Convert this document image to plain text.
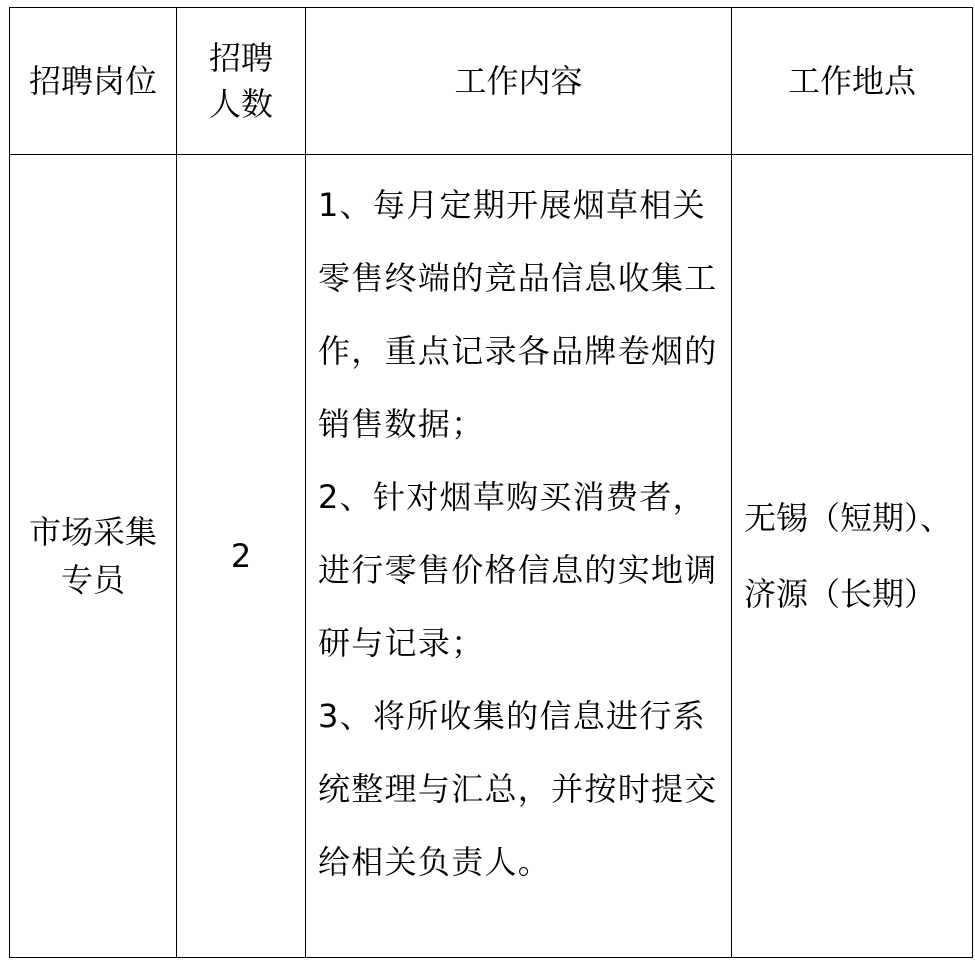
招聘岗位	招聘人数	工作内容	工作地点

市场采集专员	2	1、每月定期开展烟草相关零售终端的竞品信息收集工作，重点记录各品牌卷烟的销售数据；
2、针对烟草购买消费者，进行零售价格信息的实地调研与记录；
3、将所收集的信息进行系统整理与汇总，并按时提交给相关负责人。	无锡（短期）、济源（长期）
